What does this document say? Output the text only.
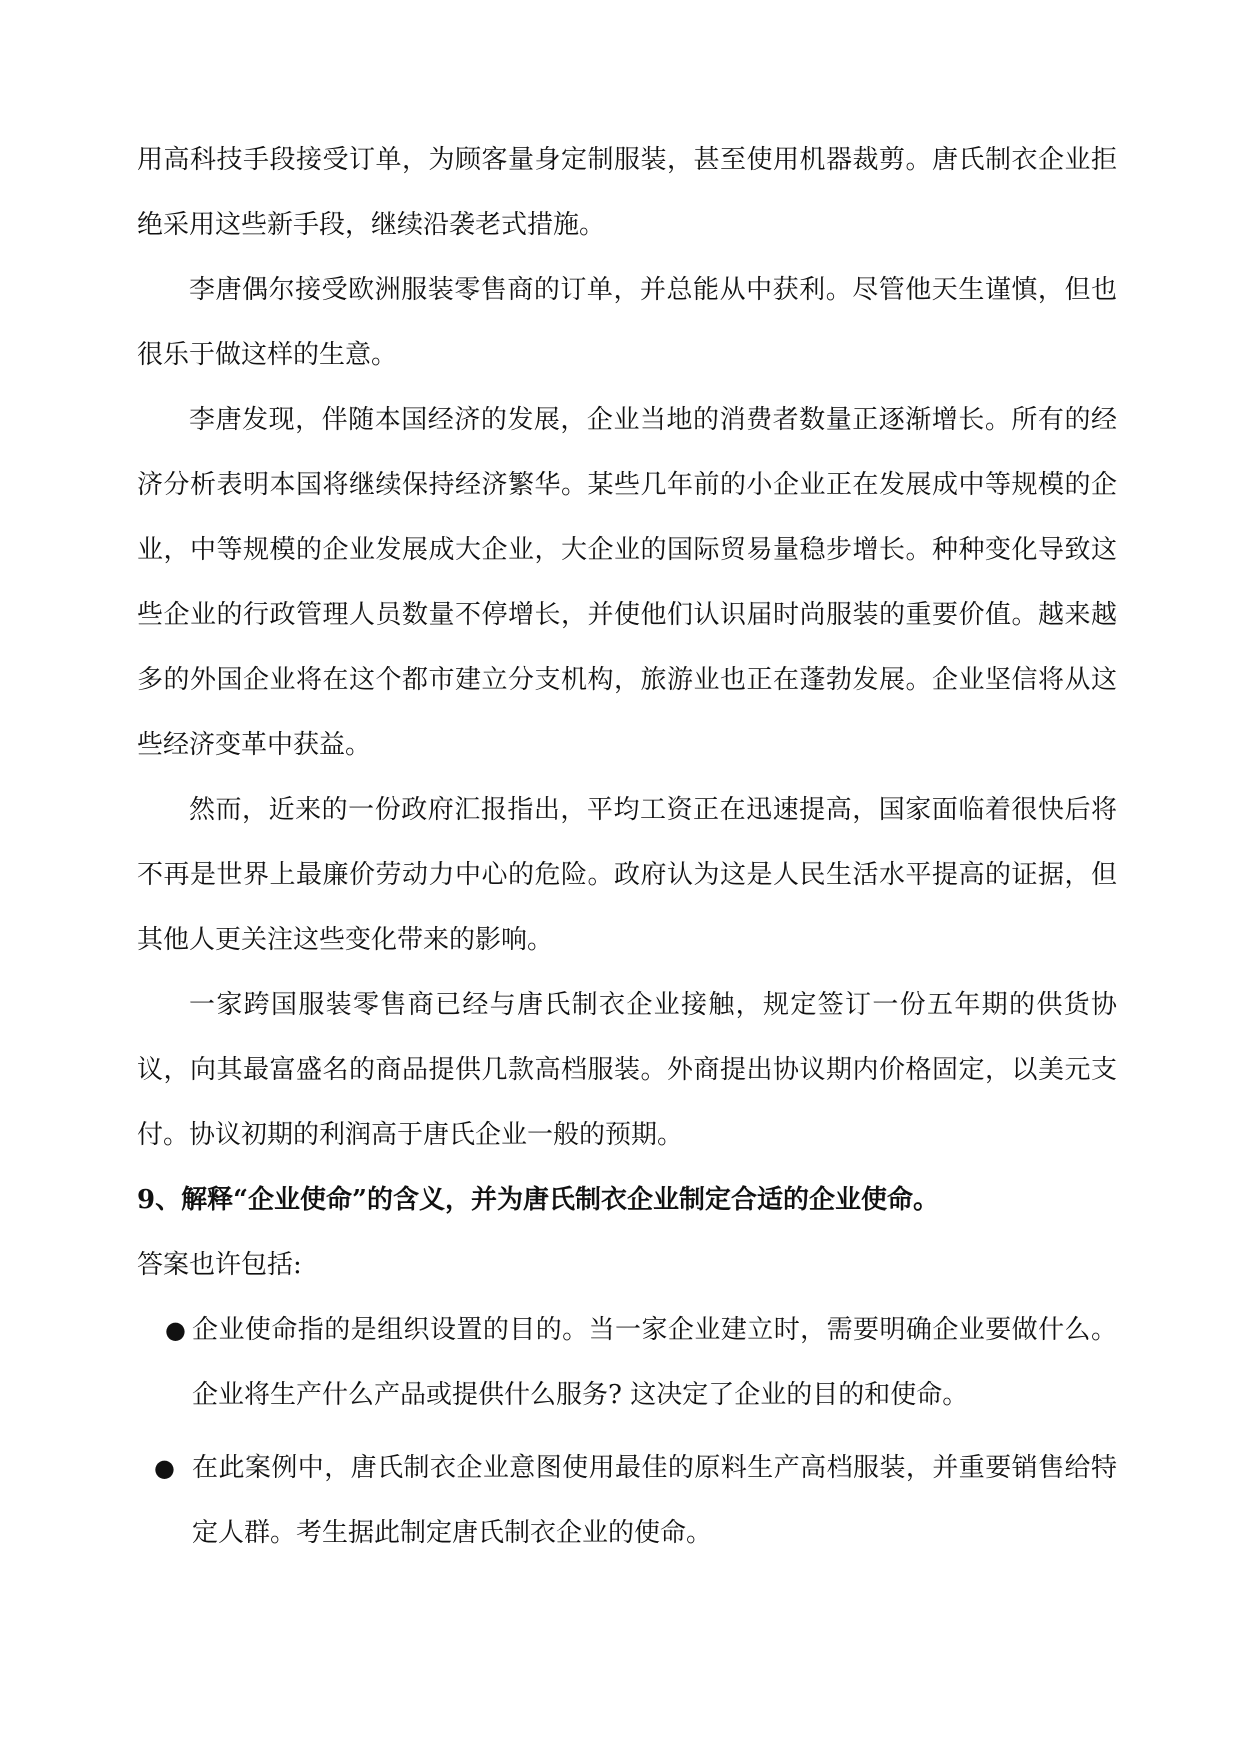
用高科技手段接受订单，为顾客量身定制服装，甚至使用机器裁剪。唐氏制衣企业拒绝采用这些新手段，继续沿袭老式措施。

李唐偶尔接受欧洲服装零售商的订单，并总能从中获利。尽管他天生谨慎，但也很乐于做这样的生意。

李唐发现，伴随本国经济的发展，企业当地的消费者数量正逐渐增长。所有的经济分析表明本国将继续保持经济繁华。某些几年前的小企业正在发展成中等规模的企业，中等规模的企业发展成大企业，大企业的国际贸易量稳步增长。种种变化导致这些企业的行政管理人员数量不停增长，并使他们认识届时尚服装的重要价值。越来越多的外国企业将在这个都市建立分支机构，旅游业也正在蓬勃发展。企业坚信将从这些经济变革中获益。

然而，近来的一份政府汇报指出，平均工资正在迅速提高，国家面临着很快后将不再是世界上最廉价劳动力中心的危险。政府认为这是人民生活水平提高的证据，但其他人更关注这些变化带来的影响。

一家跨国服装零售商已经与唐氏制衣企业接触，规定签订一份五年期的供货协议，向其最富盛名的商品提供几款高档服装。外商提出协议期内价格固定，以美元支付。协议初期的利润高于唐氏企业一般的预期。

9、解释“企业使命”的含义，并为唐氏制衣企业制定合适的企业使命。

答案也许包括:

● 企业使命指的是组织设置的目的。当一家企业建立时，需要明确企业要做什么。 企业将生产什么产品或提供什么服务? 这决定了企业的目的和使命。
● 在此案例中，唐氏制衣企业意图使用最佳的原料生产高档服装，并重要销售给特定人群。考生据此制定唐氏制衣企业的使命。
